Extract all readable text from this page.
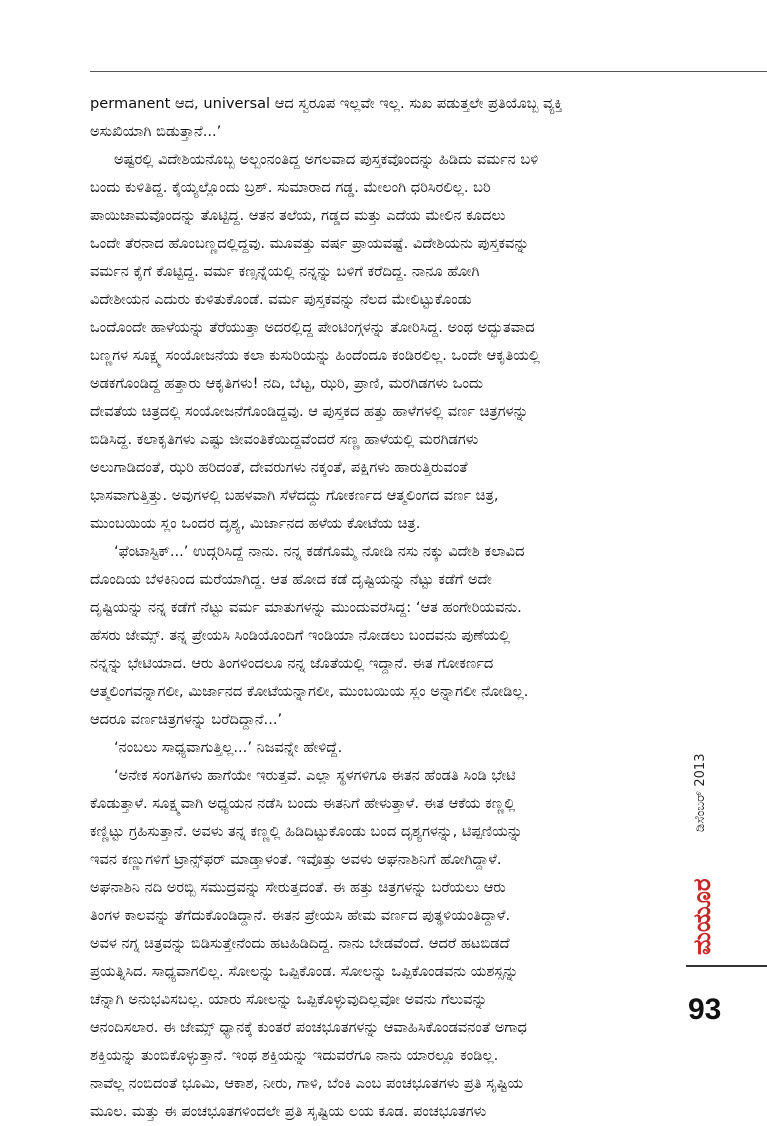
permanent ಆದ, universal ಆದ ಸ್ವರೂಪ ಇಲ್ಲವೇ ಇಲ್ಲ. ಸುಖ ಪಡುತ್ತಲೇ ಪ್ರತಿಯೊಬ್ಬ ವ್ಯಕ್ತಿ
ಅಸುಖಿಯಾಗಿ ಬಿಡುತ್ತಾನೆ...’
ಅಷ್ಟರಲ್ಲಿ ವಿದೇಶಿಯನೊಬ್ಬ ಅಲ್ಬಂನಂತಿದ್ದ ಅಗಲವಾದ ಪುಸ್ತಕವೊಂದನ್ನು ಹಿಡಿದು ವರ್ಮನ ಬಳಿ
ಬಂದು ಕುಳಿತಿದ್ದ. ಕೈಯ್ಯಲ್ಲೊಂದು ಬ್ರಶ್. ಸುಮಾರಾದ ಗಡ್ಡ. ಮೇಲಂಗಿ ಧರಿಸಿರಲಿಲ್ಲ. ಬರಿ
ಪಾಯಿಜಾಮವೊಂದನ್ನು ತೊಟ್ಟಿದ್ದ. ಆತನ ತಲೆಯ, ಗಡ್ಡದ ಮತ್ತು ಎದೆಯ ಮೇಲಿನ ಕೂದಲು
ಒಂದೇ ತೆರನಾದ ಹೊಂಬಣ್ಣದಲ್ಲಿದ್ದವು. ಮೂವತ್ತು ವರ್ಷ ಪ್ರಾಯವಷ್ಟೆ. ವಿದೇಶಿಯನು ಪುಸ್ತಕವನ್ನು
ವರ್ಮನ ಕೈಗೆ ಕೊಟ್ಟಿದ್ದ. ವರ್ಮ ಕಣ್ಸನ್ನೆಯಲ್ಲಿ ನನ್ನನ್ನು ಬಳಿಗೆ ಕರೆದಿದ್ದ. ನಾನೂ ಹೋಗಿ
ವಿದೇಶೀಯನ ಎದುರು ಕುಳಿತುಕೊಂಡೆ. ವರ್ಮ ಪುಸ್ತಕವನ್ನು ನೆಲದ ಮೇಲಿಟ್ಟುಕೊಂಡು
ಒಂದೊಂದೇ ಹಾಳೆಯನ್ನು ತೆರೆಯುತ್ತಾ ಅದರಲ್ಲಿದ್ದ ಪೇಂಟಿಂಗ್ಗಳನ್ನು ತೋರಿಸಿದ್ದ. ಅಂಥ ಅದ್ಭುತವಾದ
ಬಣ್ಣಗಳ ಸೂಕ್ಷ್ಮ ಸಂಯೋಜನೆಯ ಕಲಾ ಕುಸುರಿಯನ್ನು ಹಿಂದೆಂದೂ ಕಂಡಿರಲಿಲ್ಲ. ಒಂದೇ ಆಕೃತಿಯಲ್ಲಿ
ಅಡಕಗೊಂಡಿದ್ದ ಹತ್ತಾರು ಆಕೃತಿಗಳು! ನದಿ, ಬೆಟ್ಟ, ಝರಿ, ಪ್ರಾಣಿ, ಮರಗಿಡಗಳು ಒಂದು
ದೇವತೆಯ ಚಿತ್ರದಲ್ಲಿ ಸಂಯೋಜನೆಗೊಂಡಿದ್ದವು. ಆ ಪುಸ್ತಕದ ಹತ್ತು ಹಾಳೆಗಳಲ್ಲಿ ವರ್ಣ ಚಿತ್ರಗಳನ್ನು
ಬಿಡಿಸಿದ್ದ. ಕಲಾಕೃತಿಗಳು ಎಷ್ಟು ಜೀವಂತಿಕೆಯಿದ್ದವೆಂದರೆ ಸಣ್ಣ ಹಾಳೆಯಲ್ಲಿ ಮರಗಿಡಗಳು
ಅಲುಗಾಡಿದಂತೆ, ಝರಿ ಹರಿದಂತೆ, ದೇವರುಗಳು ನಕ್ಕಂತೆ, ಪಕ್ಷಿಗಳು ಹಾರುತ್ತಿರುವಂತೆ
ಭಾಸವಾಗುತ್ತಿತ್ತು. ಅವುಗಳಲ್ಲಿ ಬಹಳವಾಗಿ ಸೆಳೆದದ್ದು ಗೋಕರ್ಣದ ಆತ್ಮಲಿಂಗದ ವರ್ಣ ಚಿತ್ರ,
ಮುಂಬಯಿಯ ಸ್ಲಂ ಒಂದರ ದೃಶ್ಯ, ಮಿರ್ಜಾನದ ಹಳೆಯ ಕೋಟೆಯ ಚಿತ್ರ.
‘ಫೆಂಟಾಸ್ಟಿಕ್...’ ಉದ್ಗರಿಸಿದ್ದೆ ನಾನು. ನನ್ನ ಕಡೆಗೊಮ್ಮೆ ನೋಡಿ ನಸು ನಕ್ಕು ವಿದೇಶಿ ಕಲಾವಿದ
ದೊಂದಿಯ ಬೆಳಕಿನಿಂದ ಮರೆಯಾಗಿದ್ದ. ಆತ ಹೋದ ಕಡೆ ದೃಷ್ಟಿಯನ್ನು ನೆಟ್ಟು ಕಡೆಗೆ ಅದೇ
ದೃಷ್ಟಿಯನ್ನು ನನ್ನ ಕಡೆಗೆ ನೆಟ್ಟು ವರ್ಮ ಮಾತುಗಳನ್ನು ಮುಂದುವರೆಸಿದ್ದ: ‘ಆತ ಹಂಗೇರಿಯವನು.
ಹೆಸರು ಜೇಮ್ಸ್. ತನ್ನ ಪ್ರೇಯಸಿ ಸಿಂಡಿಯೊಂದಿಗೆ ಇಂಡಿಯಾ ನೋಡಲು ಬಂದವನು ಪುಣೆಯಲ್ಲಿ
ನನ್ನನ್ನು ಭೇಟಿಯಾದ. ಆರು ತಿಂಗಳಿಂದಲೂ ನನ್ನ ಜೊತೆಯಲ್ಲಿ ಇದ್ದಾನೆ. ಈತ ಗೋಕರ್ಣದ
ಆತ್ಮಲಿಂಗವನ್ನಾಗಲೀ, ಮಿರ್ಜಾನದ ಕೋಟೆಯನ್ನಾಗಲೀ, ಮುಂಬಯಿಯ ಸ್ಲಂ ಅನ್ನಾಗಲೀ ನೋಡಿಲ್ಲ.
ಆದರೂ ವರ್ಣಚಿತ್ರಗಳನ್ನು ಬರೆದಿದ್ದಾನೆ...’
‘ನಂಬಲು ಸಾಧ್ಯವಾಗುತ್ತಿಲ್ಲ...’ ನಿಜವನ್ನೇ ಹೇಳಿದ್ದೆ.
‘ಅನೇಕ ಸಂಗತಿಗಳು ಹಾಗೆಯೇ ಇರುತ್ತವೆ. ಎಲ್ಲಾ ಸ್ಥಳಗಳಿಗೂ ಈತನ ಹೆಂಡತಿ ಸಿಂಡಿ ಭೇಟಿ
ಕೊಡುತ್ತಾಳೆ. ಸೂಕ್ಷ್ಮವಾಗಿ ಅಧ್ಯಯನ ನಡೆಸಿ ಬಂದು ಈತನಿಗೆ ಹೇಳುತ್ತಾಳೆ. ಈತ ಆಕೆಯ ಕಣ್ಣಲ್ಲಿ
ಕಣ್ಣಿಟ್ಟು ಗ್ರಹಿಸುತ್ತಾನೆ. ಅವಳು ತನ್ನ ಕಣ್ಣಲ್ಲಿ ಹಿಡಿದಿಟ್ಟುಕೊಂಡು ಬಂದ ದೃಶ್ಯಗಳನ್ನು, ಟಿಪ್ಪಣಿಯನ್ನು
ಇವನ ಕಣ್ಣುಗಳಿಗೆ ಟ್ರಾನ್ಸ್‌ಫರ್ ಮಾಡ್ತಾಳಂತೆ. ಇವೊತ್ತು ಅವಳು ಅಘನಾಶಿನಿಗೆ ಹೋಗಿದ್ದಾಳೆ.
ಅಘನಾಶಿನಿ ನದಿ ಅರಬ್ಬಿ ಸಮುದ್ರವನ್ನು ಸೇರುತ್ತದಂತೆ. ಈ ಹತ್ತು ಚಿತ್ರಗಳನ್ನು ಬರೆಯಲು ಆರು
ತಿಂಗಳ ಕಾಲವನ್ನು ತೆಗೆದುಕೊಂಡಿದ್ದಾನೆ. ಈತನ ಪ್ರೇಯಸಿ ಹೇಮ ವರ್ಣದ ಪುತ್ಥಳಿಯಂತಿದ್ದಾಳೆ.
ಅವಳ ನಗ್ನ ಚಿತ್ರವನ್ನು ಬಿಡಿಸುತ್ತೇನೆಂದು ಹಟಹಿಡಿದಿದ್ದ. ನಾನು ಬೇಡವೆಂದೆ. ಆದರೆ ಹಟಬಿಡದೆ
ಪ್ರಯತ್ನಿಸಿದ. ಸಾಧ್ಯವಾಗಲಿಲ್ಲ. ಸೋಲನ್ನು ಒಪ್ಪಿಕೊಂಡ. ಸೋಲನ್ನು ಒಪ್ಪಿಕೊಂಡವನು ಯಶಸ್ಸನ್ನು
ಚೆನ್ನಾಗಿ ಅನುಭವಿಸಬಲ್ಲ. ಯಾರು ಸೋಲನ್ನು ಒಪ್ಪಿಕೊಳ್ಳುವುದಿಲ್ಲವೋ ಅವನು ಗೆಲುವನ್ನು
ಆನಂದಿಸಲಾರ. ಈ ಜೇಮ್ಸ್ ಧ್ಯಾನಕ್ಕೆ ಕುಂತರೆ ಪಂಚಭೂತಗಳನ್ನು ಆವಾಹಿಸಿಕೊಂಡವನಂತೆ ಅಗಾಧ
ಶಕ್ತಿಯನ್ನು ತುಂಬಿಕೊಳ್ಳುತ್ತಾನೆ. ಇಂಥ ಶಕ್ತಿಯನ್ನು ಇದುವರೆಗೂ ನಾನು ಯಾರಲ್ಲೂ ಕಂಡಿಲ್ಲ.
ನಾವೆಲ್ಲ ನಂಬಿದಂತೆ ಭೂಮಿ, ಆಕಾಶ, ನೀರು, ಗಾಳಿ, ಬೆಂಕಿ ಎಂಬ ಪಂಚಭೂತಗಳು ಪ್ರತಿ ಸೃಷ್ಟಿಯ
ಮೂಲ. ಮತ್ತು ಈ ಪಂಚಭೂತಗಳಿಂದಲೇ ಪ್ರತಿ ಸೃಷ್ಟಿಯ ಲಯ ಕೂಡ. ಪಂಚಭೂತಗಳು
ಡಿಸೆಂಬರ್ 2013
ಮಯೂರ
93
